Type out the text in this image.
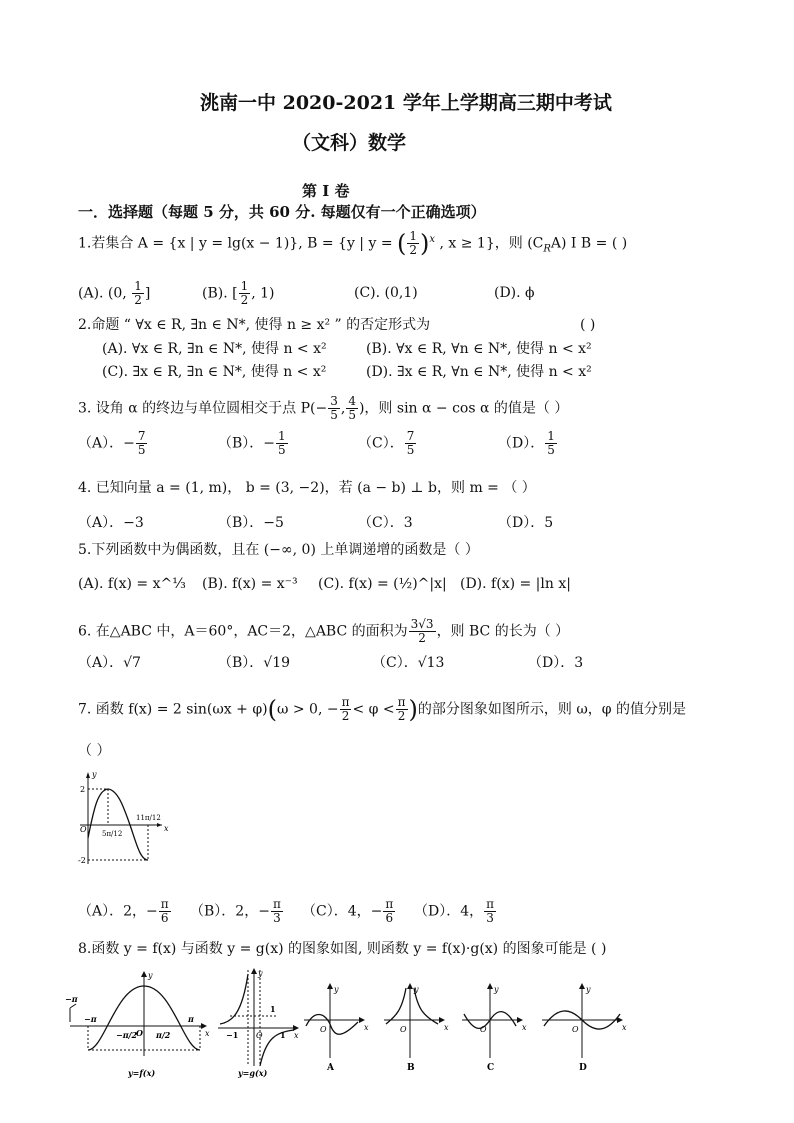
洮南一中 2020-2021 学年上学期高三期中考试
（文科）数学
第 I 卷
一．选择题（每题 5 分，共 60 分. 每题仅有一个正确选项）
1.若集合 A = {x | y = lg(x − 1)}, B = {y | y = ( $\frac{1}{2} )^x$ , x ≥ 1}，则 $(C_RA)$ I B = ( )
(A). (0, $\frac{1}{2}$ ]	(B). [ $\frac{1}{2}$ , 1)	(C). (0,1)	(D). ϕ
2.命题 “ ∀x ∈ R, ∃n ∈ N*, 使得 n ≥ x² ” 的否定形式为	( )
(A). ∀x ∈ R, ∃n ∈ N*, 使得 n < x²	(B). ∀x ∈ R, ∀n ∈ N*, 使得 n < x²
(C). ∃x ∈ R, ∃n ∈ N*, 使得 n < x²	(D). ∃x ∈ R, ∀n ∈ N*, 使得 n < x²
3. 设角 α 的终边与单位圆相交于点 $P(- \frac{3}{5}$ , $\frac{4}{5}$ )，则 sin α − cos α 的值是（ ）
（A）．− $\frac{7}{5}$	（B）．− $\frac{1}{5}$	（C）． $\frac{7}{5}$	（D）． $\frac{1}{5}$
4. 已知向量 a = (1, m)， b = (3, −2)，若 (a − b) ⊥ b，则 m = （ ）
（A）．−3	（B）．−5	（C）．3	（D）．5
5.下列函数中为偶函数，且在 (−∞, 0) 上单调递增的函数是（ ）
(A). f(x) = x^⅓ (B). f(x) = x⁻³ (C). f(x) = (½)^|x| (D). f(x) = |ln x|
6. 在△ABC 中，A＝60°，AC＝2，△ABC 的面积为 $\frac{3√3}{2}$ ，则 BC 的长为（ ）
（A）．√7	（B）．√19	（C）．√13	（D）．3
7. 函数 f(x) = 2 sin(ωx + φ)(ω > 0, − $\frac{\pi}{2} < \varphi < \frac{\pi}{2}$ )的部分图象如图所示，则 ω，φ 的值分别是
（ ）
y
2
-2
O	x
5π/12
11π/12
（A）．2，− $\frac{\pi}{6} (B)$．2，− $\frac{\pi}{3} (C)$．4，− $\frac{\pi}{6} (D)$．4， $\frac{\pi}{3}$
8.函数 y = f(x) 与函数 y = g(x) 的图象如图, 则函数 y = f(x)·g(x) 的图象可能是 ( )
−π
−π
−π/2
O π/2
π
x
y
y=f(x)
1
−1 O 1 x
y
y=g(x)
O	x
y
A
O	x
y
B
O	x
y
C
O	x
y
D
